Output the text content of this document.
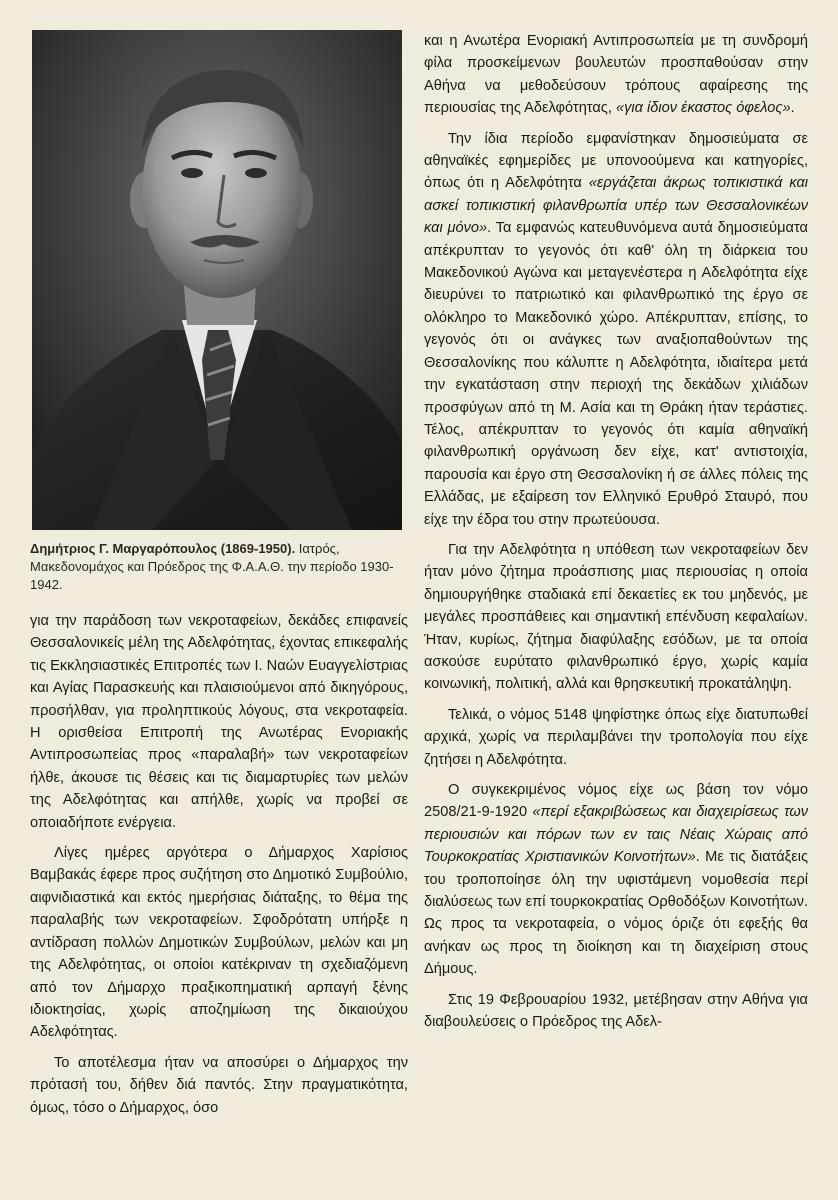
Δημήτριος Γ. Μαργαρόπουλος (1869-1950). Ιατρός, Μακεδονομάχος και Πρόεδρος της Φ.Α.Α.Θ. την περίοδο 1930-1942.

για την παράδοση των νεκροταφείων, δεκάδες επιφανείς Θεσσαλονικείς μέλη της Αδελφότητας, έχοντας επικεφαλής τις Εκκλησιαστικές Επιτροπές των Ι. Ναών Ευαγγελίστριας και Αγίας Παρασκευής και πλαισιούμενοι από δικηγόρους, προσήλθαν, για προληπτικούς λόγους, στα νεκροταφεία. Η ορισθείσα Επιτροπή της Ανωτέρας Ενοριακής Αντιπροσωπείας προς «παραλαβή» των νεκροταφείων ήλθε, άκουσε τις θέσεις και τις διαμαρτυρίες των μελών της Αδελφότητας και απήλθε, χωρίς να προβεί σε οποιαδήποτε ενέργεια.

Λίγες ημέρες αργότερα ο Δήμαρχος Χαρίσιος Βαμβακάς έφερε προς συζήτηση στο Δημοτικό Συμβούλιο, αιφνιδιαστικά και εκτός ημερήσιας διάταξης, το θέμα της παραλαβής των νεκροταφείων. Σφοδρότατη υπήρξε η αντίδραση πολλών Δημοτικών Συμβούλων, μελών και μη της Αδελφότητας, οι οποίοι κατέκριναν τη σχεδιαζόμενη από τον Δήμαρχο πραξικοπηματική αρπαγή ξένης ιδιοκτησίας, χωρίς αποζημίωση της δικαιούχου Αδελφότητας.

Το αποτέλεσμα ήταν να αποσύρει ο Δήμαρχος την πρότασή του, δήθεν διά παντός. Στην πραγματικότητα, όμως, τόσο ο Δήμαρχος, όσο

και η Ανωτέρα Ενοριακή Αντιπροσωπεία με τη συνδρομή φίλα προσκείμενων βουλευτών προσπαθούσαν στην Αθήνα να μεθοδεύσουν τρόπους αφαίρεσης της περιουσίας της Αδελφότητας, «για ίδιον έκαστος όφελος».

Την ίδια περίοδο εμφανίστηκαν δημοσιεύματα σε αθηναϊκές εφημερίδες με υπονοούμενα και κατηγορίες, όπως ότι η Αδελφότητα «εργάζεται άκρως τοπικιστικά και ασκεί τοπικιστική φιλανθρωπία υπέρ των Θεσσαλονικέων και μόνο». Τα εμφανώς κατευθυνόμενα αυτά δημοσιεύματα απέκρυπταν το γεγονός ότι καθ' όλη τη διάρκεια του Μακεδονικού Αγώνα και μεταγενέστερα η Αδελφότητα είχε διευρύνει το πατριωτικό και φιλανθρωπικό της έργο σε ολόκληρο το Μακεδονικό χώρο. Απέκρυπταν, επίσης, το γεγονός ότι οι ανάγκες των αναξιοπαθούντων της Θεσσαλονίκης που κάλυπτε η Αδελφότητα, ιδιαίτερα μετά την εγκατάσταση στην περιοχή της δεκάδων χιλιάδων προσφύγων από τη Μ. Ασία και τη Θράκη ήταν τεράστιες. Τέλος, απέκρυπταν το γεγονός ότι καμία αθηναϊκή φιλανθρωπική οργάνωση δεν είχε, κατ' αντιστοιχία, παρουσία και έργο στη Θεσσαλονίκη ή σε άλλες πόλεις της Ελλάδας, με εξαίρεση τον Ελληνικό Ερυθρό Σταυρό, που είχε την έδρα του στην πρωτεύουσα.

Για την Αδελφότητα η υπόθεση των νεκροταφείων δεν ήταν μόνο ζήτημα προάσπισης μιας περιουσίας η οποία δημιουργήθηκε σταδιακά επί δεκαετίες εκ του μηδενός, με μεγάλες προσπάθειες και σημαντική επένδυση κεφαλαίων. Ήταν, κυρίως, ζήτημα διαφύλαξης εσόδων, με τα οποία ασκούσε ευρύτατο φιλανθρωπικό έργο, χωρίς καμία κοινωνική, πολιτική, αλλά και θρησκευτική προκατάληψη.

Τελικά, ο νόμος 5148 ψηφίστηκε όπως είχε διατυπωθεί αρχικά, χωρίς να περιλαμβάνει την τροπολογία που είχε ζητήσει η Αδελφότητα.

Ο συγκεκριμένος νόμος είχε ως βάση τον νόμο 2508/21-9-1920 «περί εξακριβώσεως και διαχειρίσεως των περιουσιών και πόρων των εν ταις Νέαις Χώραις από Τουρκοκρατίας Χριστιανικών Κοινοτήτων». Με τις διατάξεις του τροποποίησε όλη την υφιστάμενη νομοθεσία περί διαλύσεως των επί τουρκοκρατίας Ορθοδόξων Κοινοτήτων. Ως προς τα νεκροταφεία, ο νόμος όριζε ότι εφεξής θα ανήκαν ως προς τη διοίκηση και τη διαχείριση στους Δήμους.

Στις 19 Φεβρουαρίου 1932, μετέβησαν στην Αθήνα για διαβουλεύσεις ο Πρόεδρος της Αδελ-
